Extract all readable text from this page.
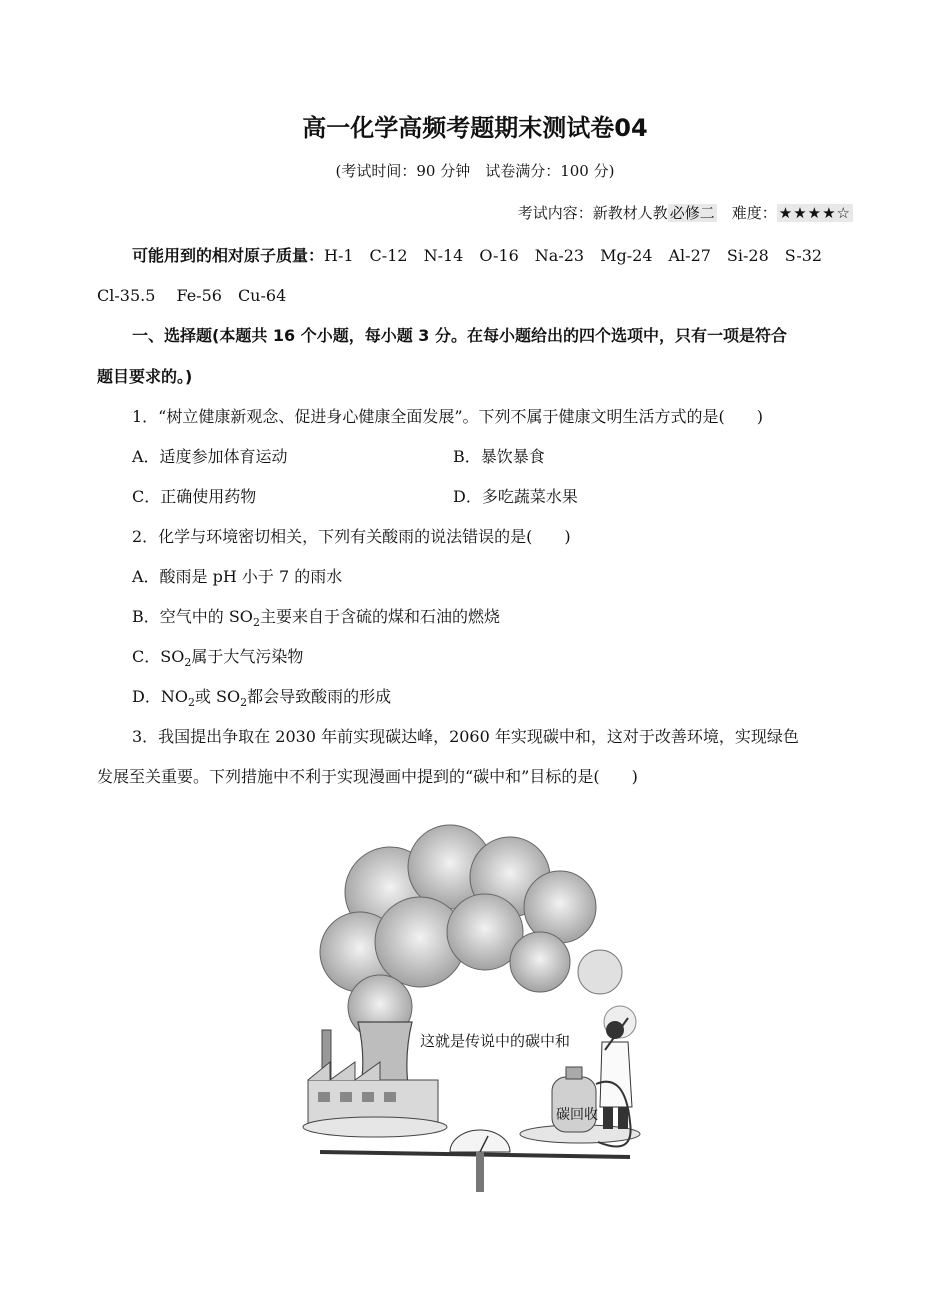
高一化学高频考题期末测试卷04
(考试时间：90 分钟　试卷满分：100 分)
考试内容：新教材人教 必修二　 难度： ★★★★☆
可能用到的相对原子质量：H-1　C-12　N-14　O-16　Na-23　Mg-24　Al-27　Si-28　S-32
Cl-35.5　 Fe-56　Cu-64
一、选择题(本题共 16 个小题，每小题 3 分。在每小题给出的四个选项中，只有一项是符合
题目要求的。)
1．“树立健康新观念、促进身心健康全面发展”。下列不属于健康文明生活方式的是(　　)
A．适度参加体育运动	B．暴饮暴食
C．正确使用药物	D．多吃蔬菜水果
2．化学与环境密切相关，下列有关酸雨的说法错误的是(　　)
A．酸雨是 pH 小于 7 的雨水
B．空气中的 $SO_2$主要来自于含硫的煤和石油的燃烧
C．$SO_2$属于大气污染物
D．$NO_2$或 $SO_2$都会导致酸雨的形成
3．我国提出争取在 2030 年前实现碳达峰，2060 年实现碳中和，这对于改善环境，实现绿色
发展至关重要。下列措施中不利于实现漫画中提到的“碳中和”目标的是(　　)
这就是传说中的碳中和
碳回收
